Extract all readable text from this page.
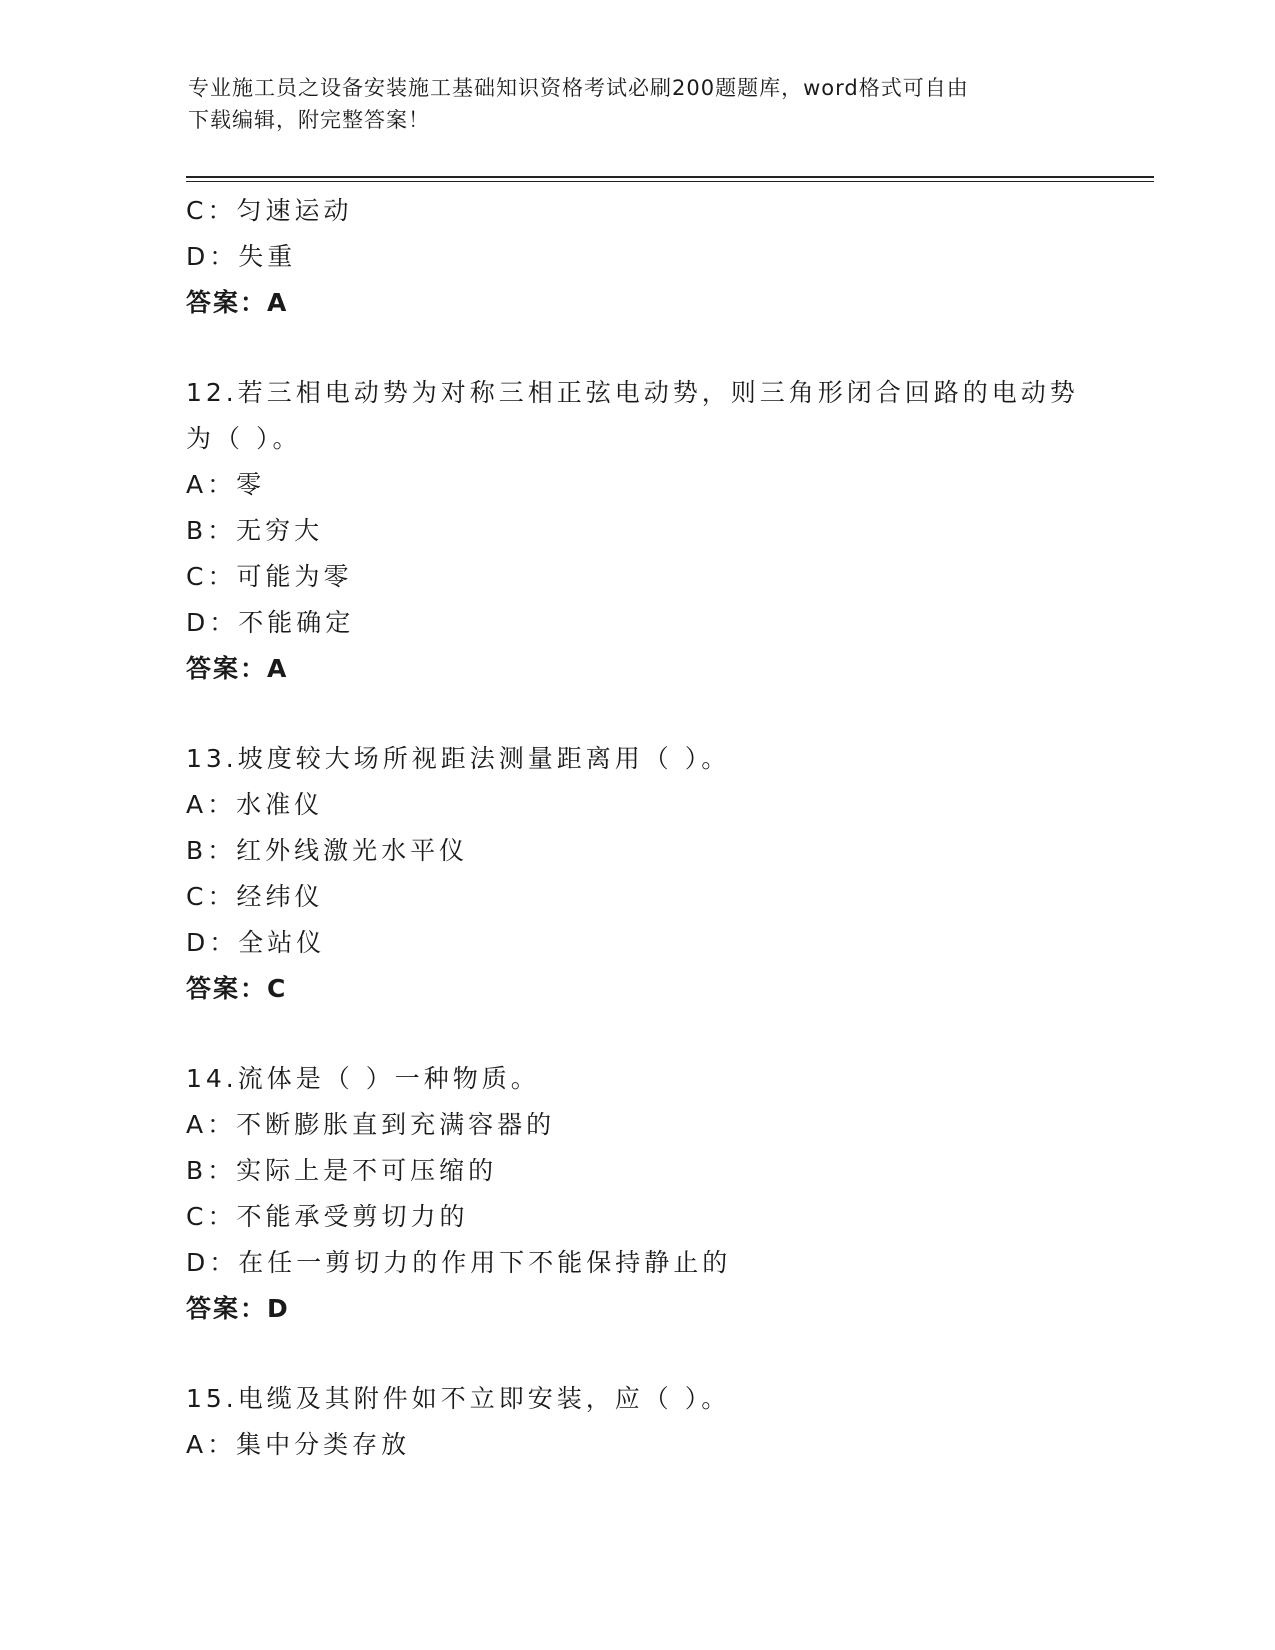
专业施工员之设备安装施工基础知识资格考试必刷200题题库，word格式可自由
下载编辑，附完整答案！
C：匀速运动
D：失重
答案：A
12.若三相电动势为对称三相正弦电动势，则三角形闭合回路的电动势
为（ ）。
A：零
B：无穷大
C：可能为零
D：不能确定
答案：A
13.坡度较大场所视距法测量距离用（ ）。
A：水准仪
B：红外线激光水平仪
C：经纬仪
D：全站仪
答案：C
14.流体是（ ）一种物质。
A：不断膨胀直到充满容器的
B：实际上是不可压缩的
C：不能承受剪切力的
D：在任一剪切力的作用下不能保持静止的
答案：D
15.电缆及其附件如不立即安装，应（ ）。
A：集中分类存放
